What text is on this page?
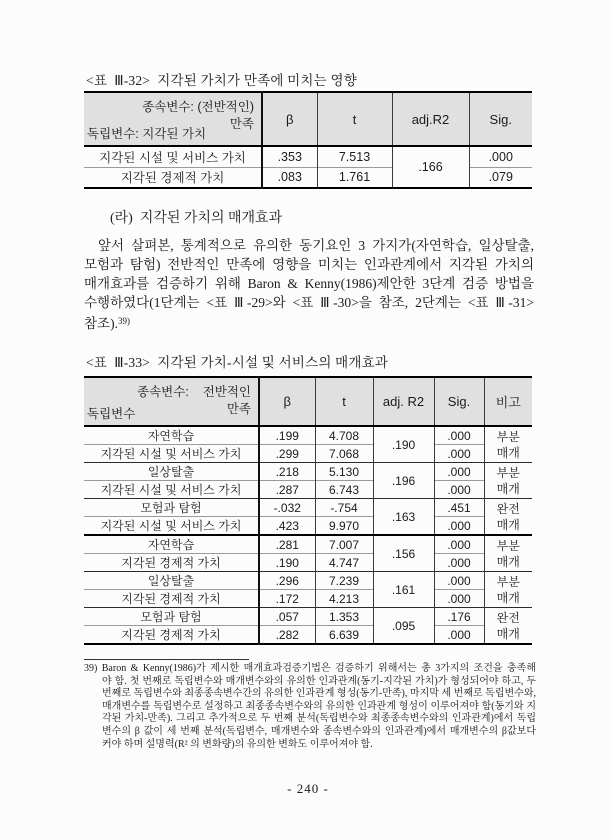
<표  Ⅲ-32>  지각된 가치가 만족에 미치는 영향
종속변수: (전반적인)
만족
독립변수: 지각된 가치	β	t	adj.R2	Sig.
지각된 시설 및 서비스 가치	.353	7.513	.166	.000
지각된 경제적 가치	.083	1.761		.079
(라)  지각된 가치의 매개효과
앞서 살펴본, 통계적으로 유의한 동기요인 3 가지가(자연학습, 일상탈출,
모험과 탐험) 전반적인 만족에 영향을 미치는 인과관계에서 지각된 가치의
매개효과를 검증하기 위해 Baron & Kenny(1986)제안한 3단계 검증 방법을
수행하였다(1단계는 <표 Ⅲ-29>와 <표 Ⅲ-30>을 참조, 2단계는 <표 Ⅲ-31>
참조).$^{39)}$
<표  Ⅲ-33>  지각된 가치-시설 및 서비스의 매개효과
종속변수:    전반적인
만족
독립변수	β	t	adj. R2	Sig.	비고
자연학습	.199	4.708	.190	.000	부분
매개

지각된 시설 및 서비스 가치	.299	7.068		.000	
일상탈출	.218	5.130	.196	.000	부분
매개

지각된 시설 및 서비스 가치	.287	6.743		.000	
모험과 탐험	-.032	-.754	.163	.451	완전
매개

지각된 시설 및 서비스 가치	.423	9.970		.000	
자연학습	.281	7.007	.156	.000	부분
매개

지각된 경제적 가치	.190	4.747		.000	
일상탈출	.296	7.239	.161	.000	부분
매개

지각된 경제적 가치	.172	4.213		.000	
모험과 탐험	.057	1.353	.095	.176	완전
매개

지각된 경제적 가치	.282	6.639		.000	
39) Baron & Kenny(1986)가 제시한 매개효과검증기법은 검증하기 위해서는 총 3가지의 조건을 충족해
야 함. 첫 번째로 독립변수와 매개변수와의 유의한 인과관계(동기-지각된 가치)가 형성되어야 하고, 두
번째로 독립변수와 최종종속변수간의 유의한 인과관계 형성(동기-만족), 마지막 세 번째로 독립변수와,
매개변수를 독립변수로 설정하고 최종종속변수와의 유의한 인과관계 형성이 이루어져야 함(동기와 지
각된 가치-만족). 그리고 추가적으로 두 번째 분석(독립변수와 최종종속변수와의 인과관계)에서 독립
변수의 β 값이 세 번째 분석(독립변수, 매개변수와 종속변수와의 인과관계)에서 매개변수의 β값보다
커야 하며 설명력(R² 의 변화량)의 유의한 변화도 이루어져야 함.
- 240 -
